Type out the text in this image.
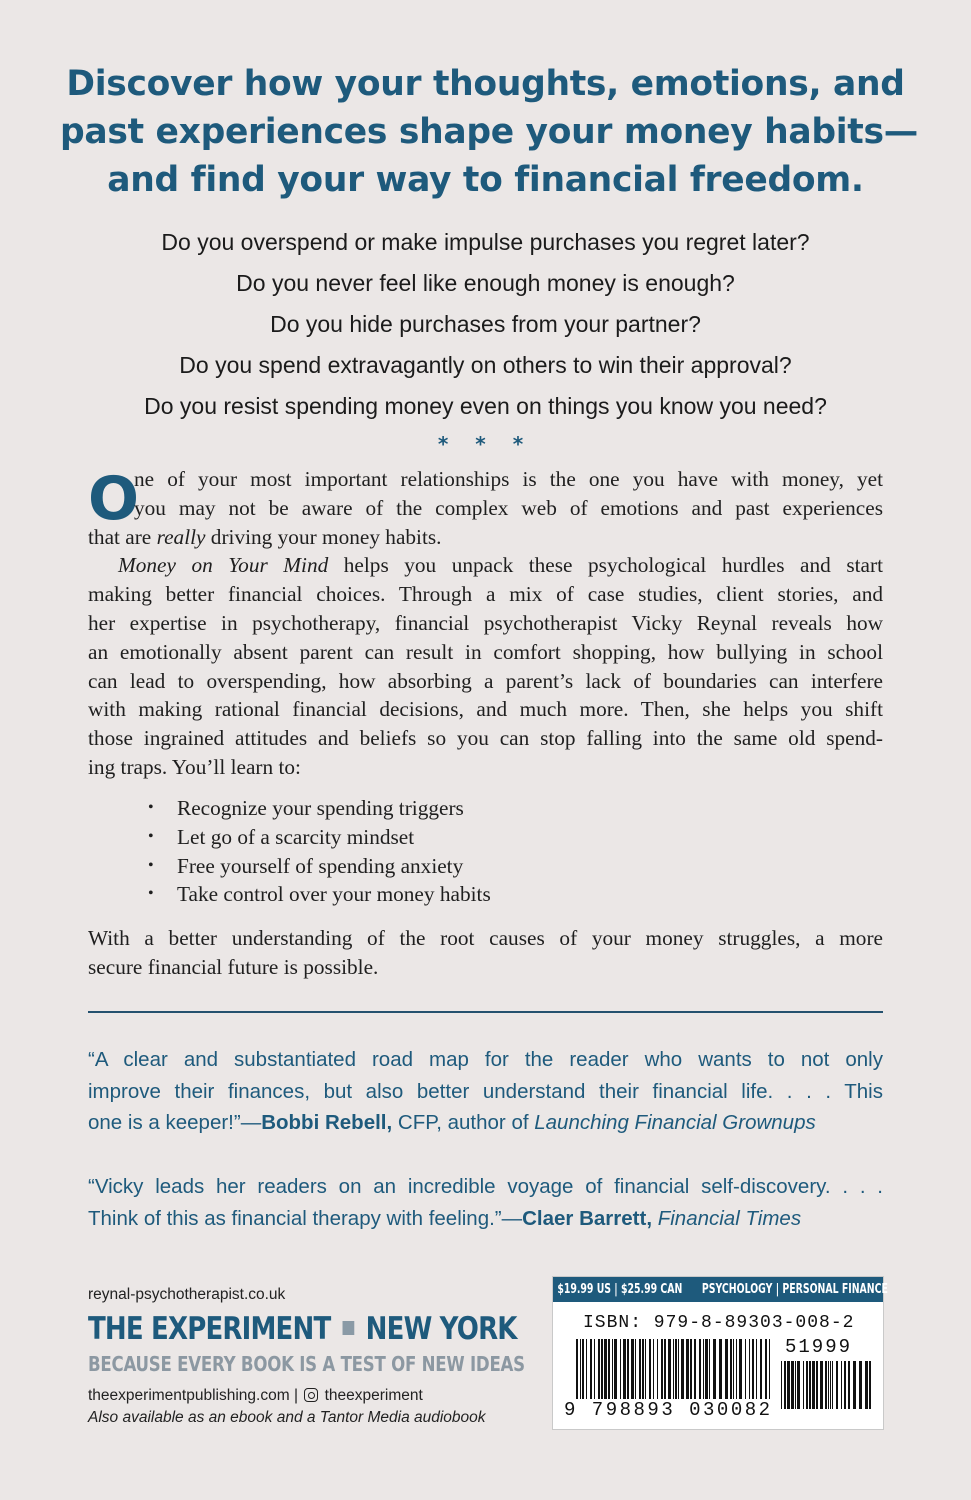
Discover how your thoughts, emotions, and
past experiences shape your money habits—
and find your way to financial freedom.
Do you overspend or make impulse purchases you regret later?
Do you never feel like enough money is enough?
Do you hide purchases from your partner?
Do you spend extravagantly on others to win their approval?
Do you resist spending money even on things you know you need?
* * *
O
ne of your most important relationships is the one you have with money, yet
you may not be aware of the complex web of emotions and past experiences
that are really driving your money habits.
Money on Your Mind helps you unpack these psychological hurdles and start
making better financial choices. Through a mix of case studies, client stories, and
her expertise in psychotherapy, financial psychotherapist Vicky Reynal reveals how
an emotionally absent parent can result in comfort shopping, how bullying in school
can lead to overspending, how absorbing a parent’s lack of boundaries can interfere
with making rational financial decisions, and much more. Then, she helps you shift
those ingrained attitudes and beliefs so you can stop falling into the same old spend-
ing traps. You’ll learn to:
• Recognize your spending triggers
• Let go of a scarcity mindset
• Free yourself of spending anxiety
• Take control over your money habits
With a better understanding of the root causes of your money struggles, a more
secure financial future is possible.
“A clear and substantiated road map for the reader who wants to not only
improve their finances, but also better understand their financial life. . . . This
one is a keeper!”—Bobbi Rebell, CFP, author of Launching Financial Grownups
“Vicky leads her readers on an incredible voyage of financial self-discovery. . . .
Think of this as financial therapy with feeling.”—Claer Barrett, Financial Times
reynal-psychotherapist.co.uk
THE EXPERIMENT NEW YORK
BECAUSE EVERY BOOK IS A TEST OF NEW IDEAS
theexperimentpublishing.com | theexperiment
Also available as an ebook and a Tantor Media audiobook
$19.99 US | $25.99 CAN PSYCHOLOGY | PERSONAL FINANCE
ISBN: 979-8-89303-008-2
51999
9 798893 030082
